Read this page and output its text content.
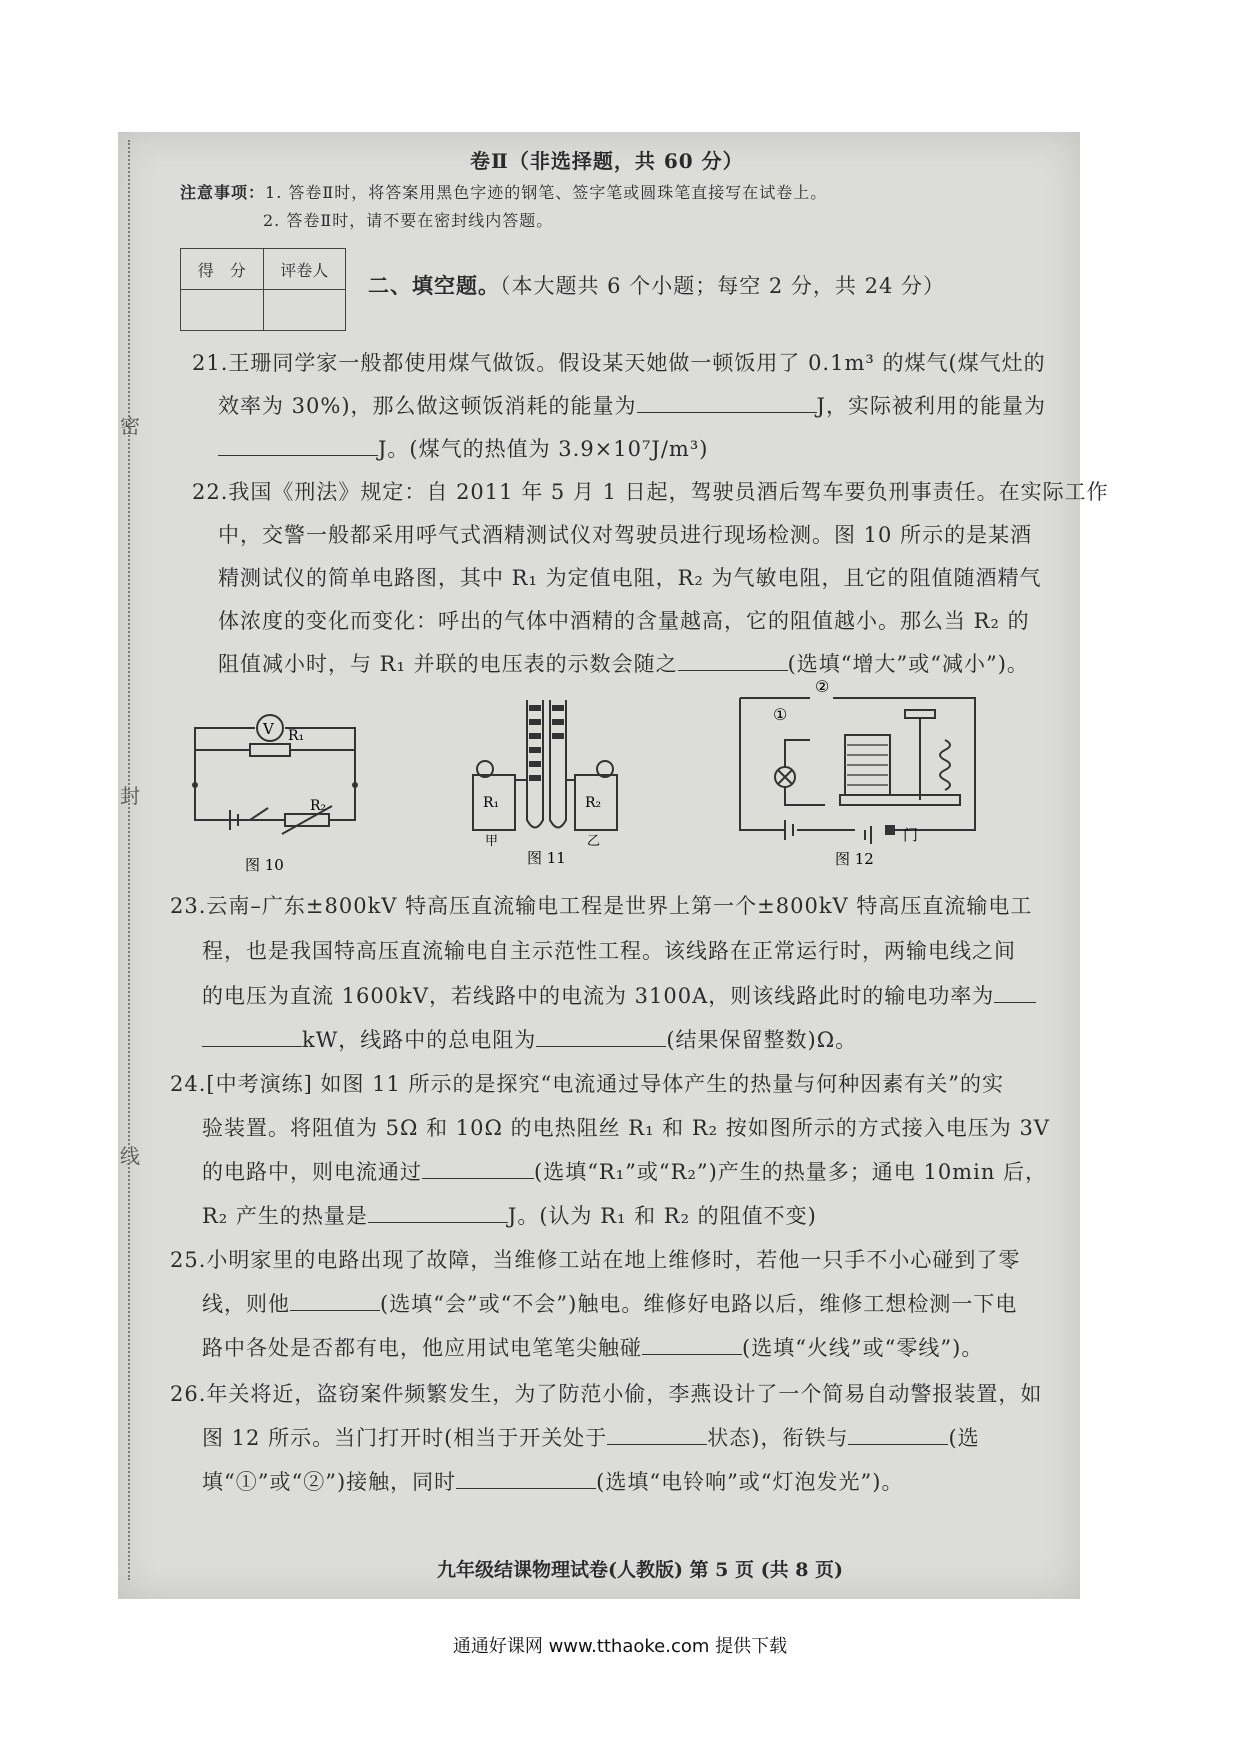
密
封
线
卷Ⅱ（非选择题，共 60 分）
注意事项：1. 答卷Ⅱ时，将答案用黑色字迹的钢笔、签字笔或圆珠笔直接写在试卷上。
2. 答卷Ⅱ时，请不要在密封线内答题。
得　分	评卷人

二、填空题。（本大题共 6 个小题；每空 2 分，共 24 分）
21.王珊同学家一般都使用煤气做饭。假设某天她做一顿饭用了 0.1m³ 的煤气(煤气灶的
效率为 30%)，那么做这顿饭消耗的能量为	J，实际被利用的能量为
J。(煤气的热值为 3.9×10⁷J/m³)
22.我国《刑法》规定：自 2011 年 5 月 1 日起，驾驶员酒后驾车要负刑事责任。在实际工作
中，交警一般都采用呼气式酒精测试仪对驾驶员进行现场检测。图 10 所示的是某酒
精测试仪的简单电路图，其中 R₁ 为定值电阻，R₂ 为气敏电阻，且它的阻值随酒精气
体浓度的变化而变化：呼出的气体中酒精的含量越高，它的阻值越小。那么当 R₂ 的
阻值减小时，与 R₁ 并联的电压表的示数会随之	(选填“增大”或“减小”)。
V R₁
R₂
图 10
R₁	R₂
甲	乙
图 11
①
②
门
图 12
23.云南–广东±800kV 特高压直流输电工程是世界上第一个±800kV 特高压直流输电工
程，也是我国特高压直流输电自主示范性工程。该线路在正常运行时，两输电线之间
的电压为直流 1600kV，若线路中的电流为 3100A，则该线路此时的输电功率为
kW，线路中的总电阻为	(结果保留整数)Ω。
24.[中考演练] 如图 11 所示的是探究“电流通过导体产生的热量与何种因素有关”的实
验装置。将阻值为 5Ω 和 10Ω 的电热阻丝 R₁ 和 R₂ 按如图所示的方式接入电压为 3V
的电路中，则电流通过	(选填“R₁”或“R₂”)产生的热量多；通电 10min 后，
R₂ 产生的热量是	J。(认为 R₁ 和 R₂ 的阻值不变)
25.小明家里的电路出现了故障，当维修工站在地上维修时，若他一只手不小心碰到了零
线，则他	(选填“会”或“不会”)触电。维修好电路以后，维修工想检测一下电
路中各处是否都有电，他应用试电笔笔尖触碰	(选填“火线”或“零线”)。
26.年关将近，盗窃案件频繁发生，为了防范小偷，李燕设计了一个简易自动警报装置，如
图 12 所示。当门打开时(相当于开关处于	状态)，衔铁与	(选
填“①”或“②”)接触，同时	(选填“电铃响”或“灯泡发光”)。
九年级结课物理试卷(人教版) 第 5 页 (共 8 页)
通通好课网 www.tthaoke.com 提供下载
